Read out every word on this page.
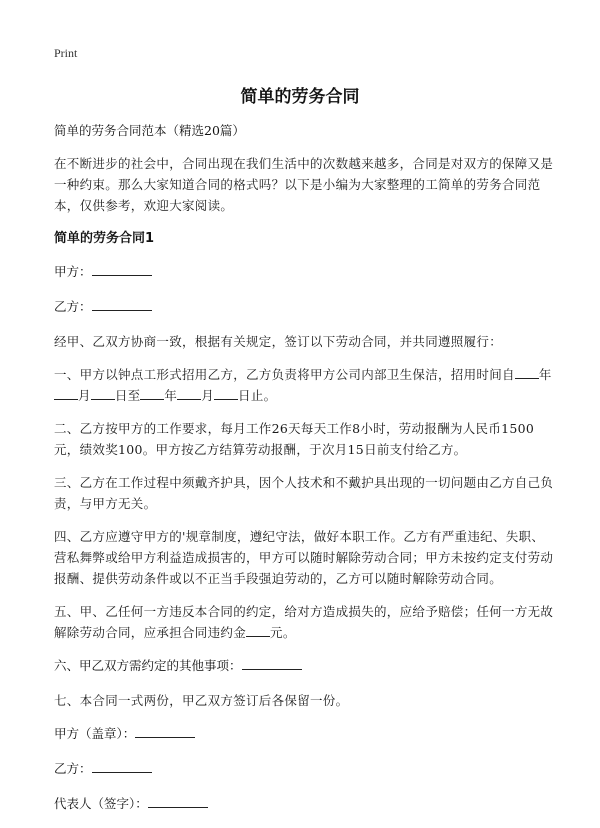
Print
简单的劳务合同

简单的劳务合同范本（精选20篇）

在不断进步的社会中，合同出现在我们生活中的次数越来越多，合同是对双方的保障又是一种约束。那么大家知道合同的格式吗？以下是小编为大家整理的工简单的劳务合同范本，仅供参考，欢迎大家阅读。

简单的劳务合同1
甲方：
乙方：

经甲、乙双方协商一致，根据有关规定，签订以下劳动合同，并共同遵照履行：

一、甲方以钟点工形式招用乙方，乙方负责将甲方公司内部卫生保洁，招用时间自 年月 日至 年 月 日止。

二、乙方按甲方的工作要求，每月工作26天每天工作8小时，劳动报酬为人民币1500元，绩效奖100。甲方按乙方结算劳动报酬，于次月15日前支付给乙方。

三、乙方在工作过程中须戴齐护具，因个人技术和不戴护具出现的一切问题由乙方自己负责，与甲方无关。

四、乙方应遵守甲方的'规章制度，遵纪守法，做好本职工作。乙方有严重违纪、失职、营私舞弊或给甲方利益造成损害的，甲方可以随时解除劳动合同；甲方未按约定支付劳动报酬、提供劳动条件或以不正当手段强迫劳动的，乙方可以随时解除劳动合同。

五、甲、乙任何一方违反本合同的约定，给对方造成损失的，应给予赔偿；任何一方无故解除劳动合同，应承担合同违约金 元。

六、甲乙双方需约定的其他事项：

七、本合同一式两份，甲乙双方签订后各保留一份。

甲方（盖章）：
乙方：
代表人（签字）：
